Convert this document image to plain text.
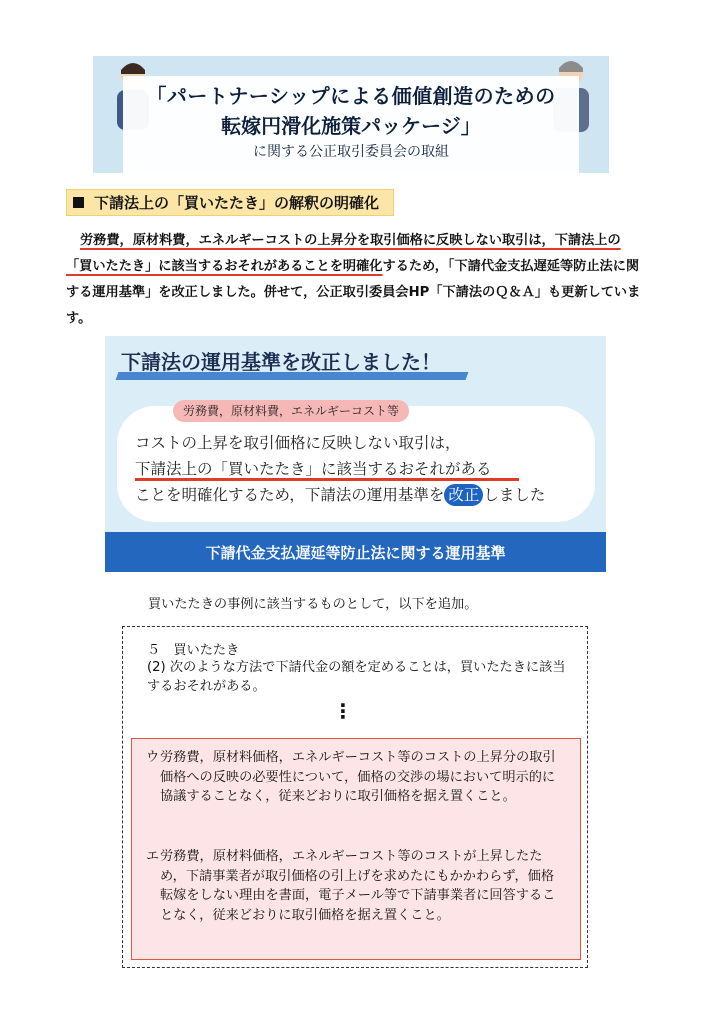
「パートナーシップによる価値創造のための
転嫁円滑化施策パッケージ」
に関する公正取引委員会の取組
下請法上の「買いたたき」の解釈の明確化
労務費，原材料費，エネルギーコストの上昇分を取引価格に反映しない取引は，下請法上の「買いたたき」に該当するおそれがあることを明確化するため，「下請代金支払遅延等防止法に関する運用基準」を改正しました。併せて，公正取引委員会HP「下請法のＱ＆Ａ」も更新しています。
下請法の運用基準を改正しました！
労務費，原材料費，エネルギーコスト等
コストの上昇を取引価格に反映しない取引は，
下請法上の「買いたたき」に該当するおそれがある
ことを明確化するため，下請法の運用基準を 改正 しました
下請代金支払遅延等防止法に関する運用基準
買いたたきの事例に該当するものとして，以下を追加。
５　買いたたき
(2) 次のような方法で下請代金の額を定めることは，買いたたきに該当するおそれがある。
⋮
ウ 労務費，原材料価格，エネルギーコスト等のコストの上昇分の取引価格への反映の必要性について，価格の交渉の場において明示的に協議することなく，従来どおりに取引価格を据え置くこと。
エ 労務費，原材料価格，エネルギーコスト等のコストが上昇したため，下請事業者が取引価格の引上げを求めたにもかかわらず，価格転嫁をしない理由を書面，電子メール等で下請事業者に回答することなく，従来どおりに取引価格を据え置くこと。
